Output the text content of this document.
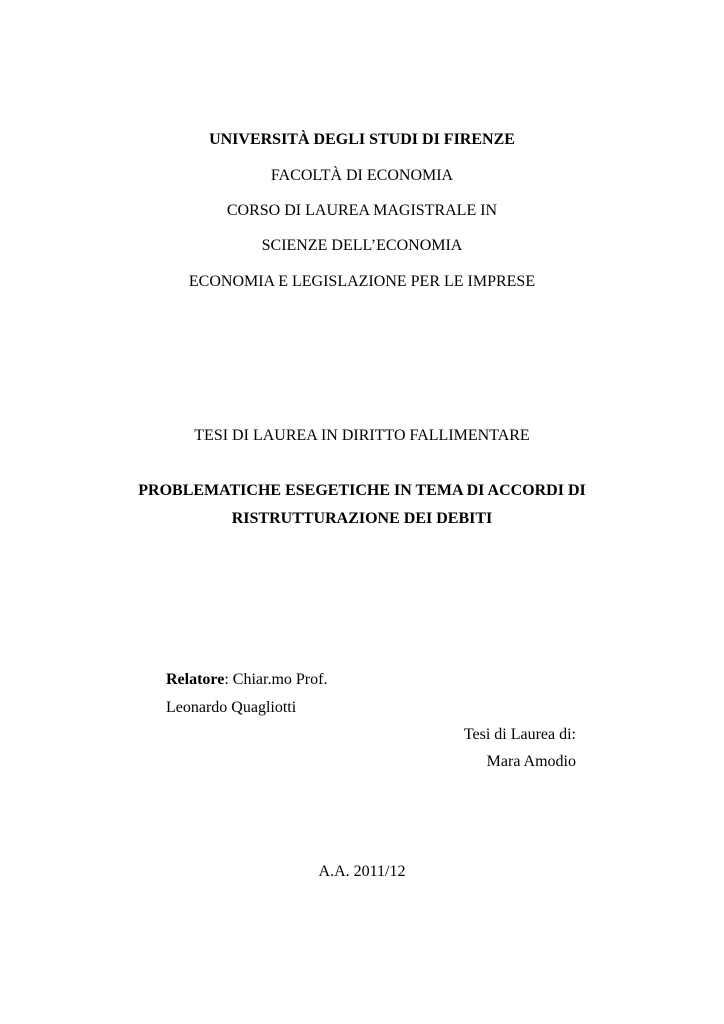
UNIVERSITÀ DEGLI STUDI DI FIRENZE

FACOLTÀ DI ECONOMIA

CORSO DI LAUREA MAGISTRALE IN

SCIENZE DELL’ECONOMIA

ECONOMIA E LEGISLAZIONE PER LE IMPRESE

TESI DI LAUREA IN DIRITTO FALLIMENTARE

PROBLEMATICHE ESEGETICHE IN TEMA DI ACCORDI DI

RISTRUTTURAZIONE DEI DEBITI

Relatore: Chiar.mo Prof.
Leonardo Quagliotti
Tesi di Laurea di:
Mara Amodio

A.A. 2011/12
